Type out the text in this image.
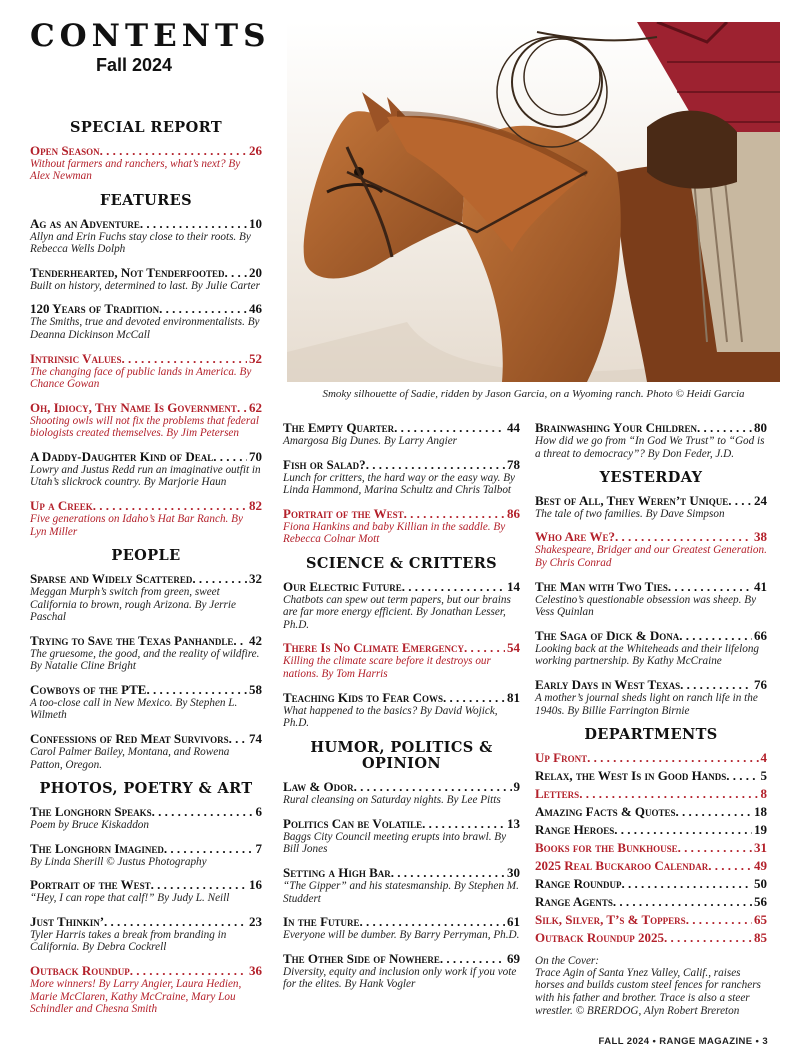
CONTENTS
Fall 2024
Smoky silhouette of Sadie, ridden by Jason Garcia, on a Wyoming ranch. Photo © Heidi Garcia
SPECIAL REPORT
Open Season . . .	26
Without farmers and ranchers, what’s next? By Alex Newman
FEATURES
Ag as an Adventure . . .	10
Allyn and Erin Fuchs stay close to their roots. By Rebecca Wells Dolph
Tenderhearted, Not Tenderfooted . . . 20
Built on history, determined to last. By Julie Carter
120 Years of Tradition . . .	46
The Smiths, true and devoted environmentalists. By Deanna Dickinson McCall
Intrinsic Values . . .	52
The changing face of public lands in America. By Chance Gowan
Oh, Idiocy, Thy Name Is Government . . . 62
Shooting owls will not fix the problems that federal biologists created themselves. By Jim Petersen
A Daddy-Daughter Kind of Deal . . .	70
Lowry and Justus Redd run an imaginative outfit in Utah’s slickrock country. By Marjorie Haun
Up a Creek . . .	82
Five generations on Idaho’s Hat Bar Ranch. By Lyn Miller
PEOPLE
Sparse and Widely Scattered . . .	32
Meggan Murph’s switch from green, sweet California to brown, rough Arizona. By Jerrie Paschal
Trying to Save the Texas Panhandle . . . 42
The gruesome, the good, and the reality of wildfire. By Natalie Cline Bright
Cowboys of the PTE . . .	58
A too-close call in New Mexico. By Stephen L. Wilmeth
Confessions of Red Meat Survivors . . . 74
Carol Palmer Bailey, Montana, and Rowena Patton, Oregon.
PHOTOS, POETRY & ART
The Longhorn Speaks . . .	6
Poem by Bruce Kiskaddon
The Longhorn Imagined . . .	7
By Linda Sherill © Justus Photography
Portrait of the West . . .	16
“Hey, I can rope that calf!” By Judy L. Neill
Just Thinkin’ . . .	23
Tyler Harris takes a break from branding in California. By Debra Cockrell
Outback Roundup . . .	36
More winners! By Larry Angier, Laura Hedien, Marie McClaren, Kathy McCraine, Mary Lou Schindler and Chesna Smith
The Empty Quarter . . .	44
Amargosa Big Dunes. By Larry Angier
Fish or Salad? . . .	78
Lunch for critters, the hard way or the easy way. By Linda Hammond, Marina Schultz and Chris Talbot
Portrait of the West . . .	86
Fiona Hankins and baby Killian in the saddle. By Rebecca Colnar Mott
SCIENCE & CRITTERS
Our Electric Future . . .	14
Chatbots can spew out term papers, but our brains are far more energy efficient. By Jonathan Lesser, Ph.D.
There Is No Climate Emergency . . .	54
Killing the climate scare before it destroys our nations. By Tom Harris
Teaching Kids to Fear Cows . . .	81
What happened to the basics? By David Wojick, Ph.D.
HUMOR, POLITICS & OPINION
Law & Odor . . .	9
Rural cleansing on Saturday nights. By Lee Pitts
Politics Can be Volatile . . .	13
Baggs City Council meeting erupts into brawl. By Bill Jones
Setting a High Bar . . .	30
“The Gipper” and his statesmanship. By Stephen M. Studdert
In the Future . . .	61
Everyone will be dumber. By Barry Perryman, Ph.D.
The Other Side of Nowhere . . .	69
Diversity, equity and inclusion only work if you vote for the elites. By Hank Vogler
Brainwashing Your Children . . .	80
How did we go from “In God We Trust” to “God is a threat to democracy”? By Don Feder, J.D.
YESTERDAY
Best of All, They Weren’t Unique . . . 24
The tale of two families. By Dave Simpson
Who Are We? . . .	38
Shakespeare, Bridger and our Greatest Generation. By Chris Conrad
The Man with Two Ties . . .	41
Celestino’s questionable obsession was sheep. By Vess Quinlan
The Saga of Dick & Dona . . .	66
Looking back at the Whiteheads and their lifelong working partnership. By Kathy McCraine
Early Days in West Texas . . .	76
A mother’s journal sheds light on ranch life in the 1940s. By Billie Farrington Birnie
DEPARTMENTS
Up Front . . .	4
Relax, the West Is in Good Hands . . .	5
Letters . . .	8
Amazing Facts & Quotes . . .	18
Range Heroes . . .	19
Books for the Bunkhouse . . .	31
2025 Real Buckaroo Calendar . . .	49
Range Roundup . . .	50
Range Agents . . .	56
Silk, Silver, T’s & Toppers . . .	65
Outback Roundup 2025 . . .	85
On the Cover:
Trace Agin of Santa Ynez Valley, Calif., raises horses and builds custom steel fences for ranchers with his father and brother. Trace is also a steer wrestler. © BRERDOG, Alyn Robert Brereton
FALL 2024 • RANGE MAGAZINE • 3
